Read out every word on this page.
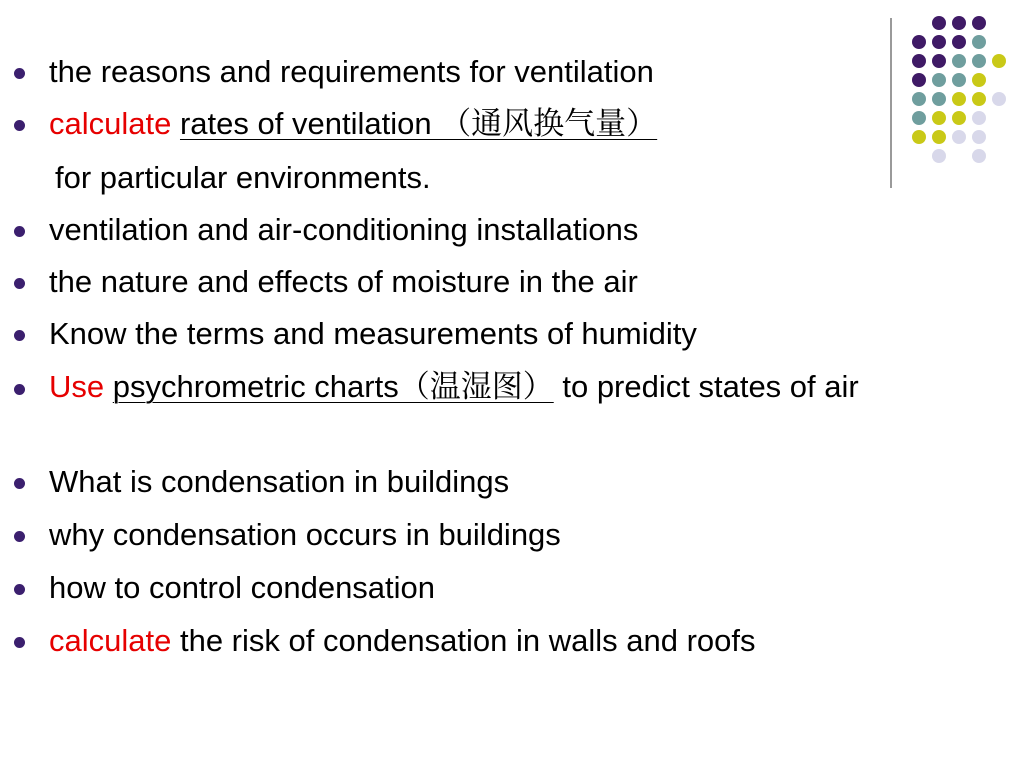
the reasons and requirements for ventilation
calculate rates of ventilation （通风换气量）
for particular environments.
ventilation and air-conditioning installations
the nature and effects of moisture in the air
Know the terms and measurements of humidity
Use psychrometric charts（温湿图） to predict states of air
What is condensation in buildings
why condensation occurs in buildings
how to control condensation
calculate the risk of condensation in walls and roofs
